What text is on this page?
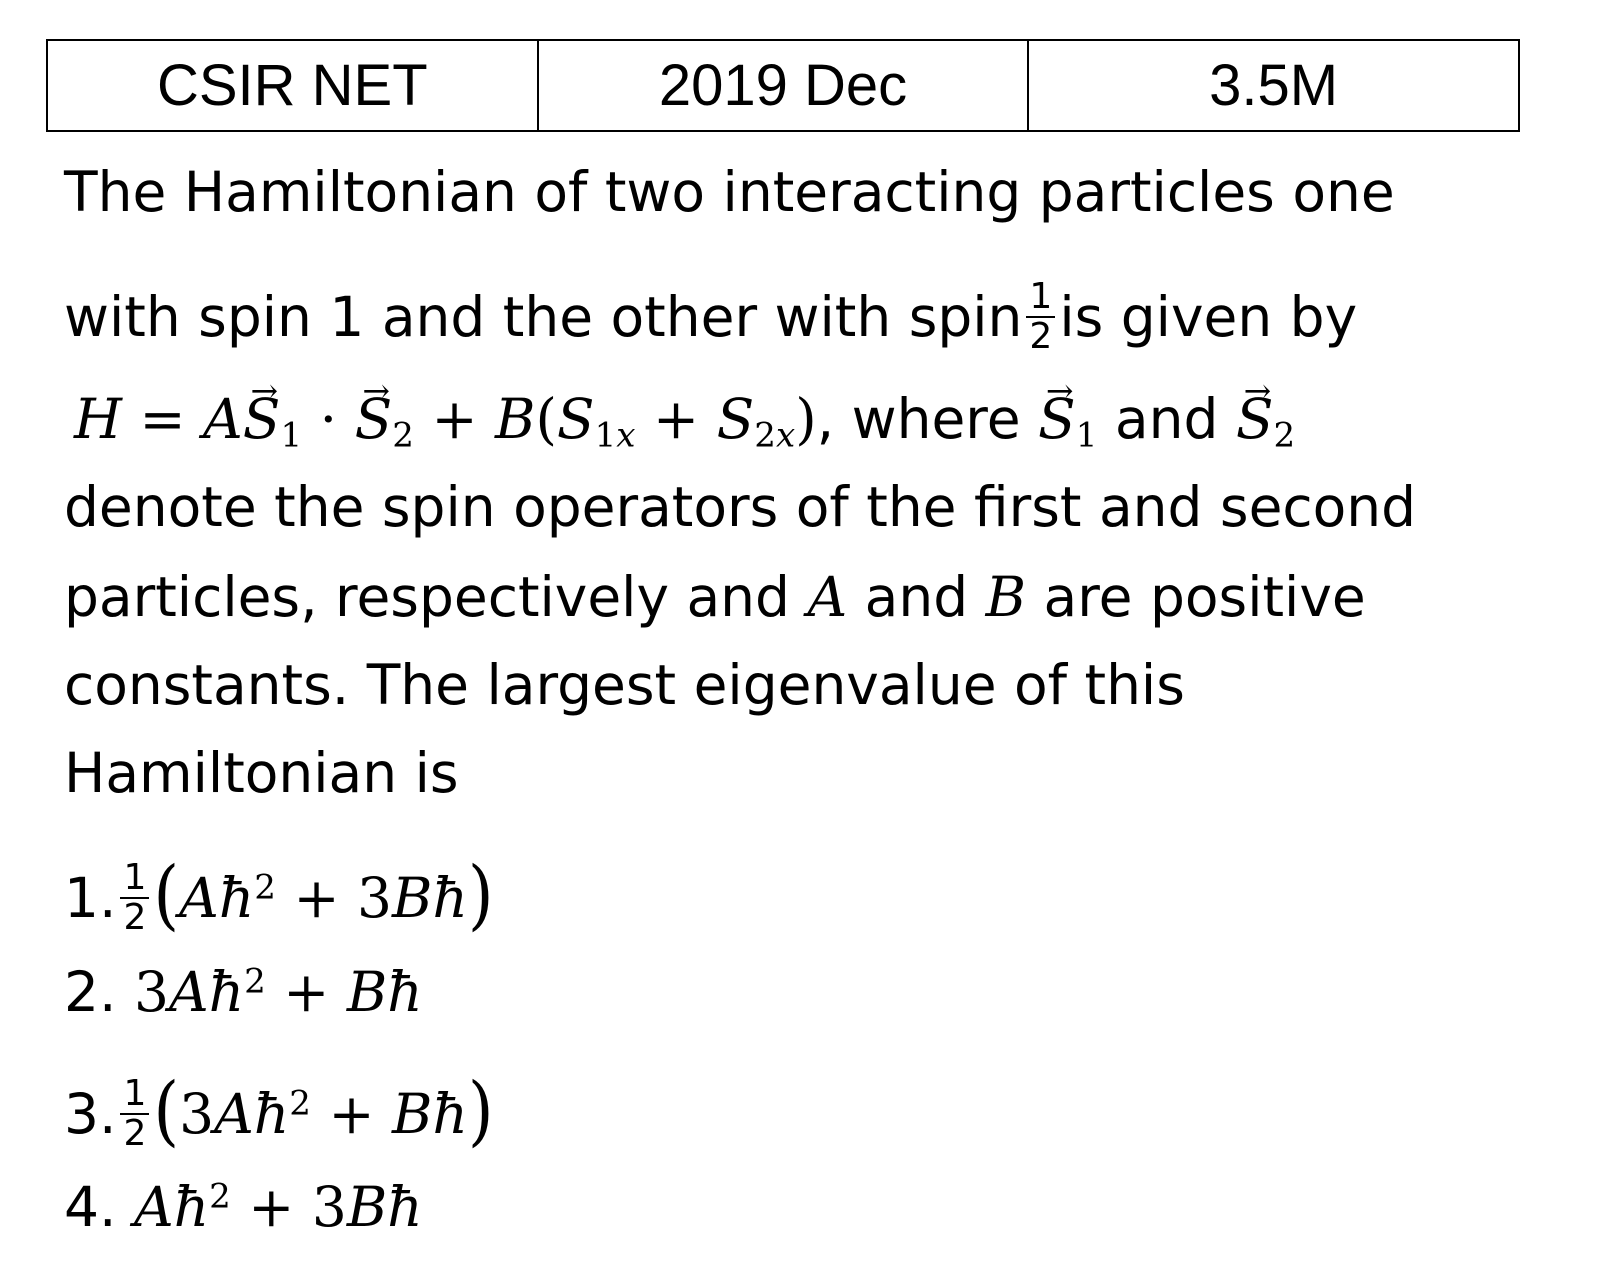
CSIR NET	2019 Dec	3.5M
The Hamiltonian of two interacting particles one
with spin 1 and the other with spin $\frac{1}{2}$ is given by
$H = A\to S_1$ · → $S_2 + B(S_{1x} + S_{2x})$, where → $S_1$ and → $S_2$
denote the spin operators of the first and second
particles, respectively and A and B are positive
constants. The largest eigenvalue of this
Hamiltonian is
1. $\frac{1}{2}$ ($Aħ^2$ + 3Bħ)
2. $3Aħ^2$ + Bħ
3. $\frac{1}{2}$ ($3Aħ^2$ + Bħ)
4. $Aħ^2$ + 3Bħ
